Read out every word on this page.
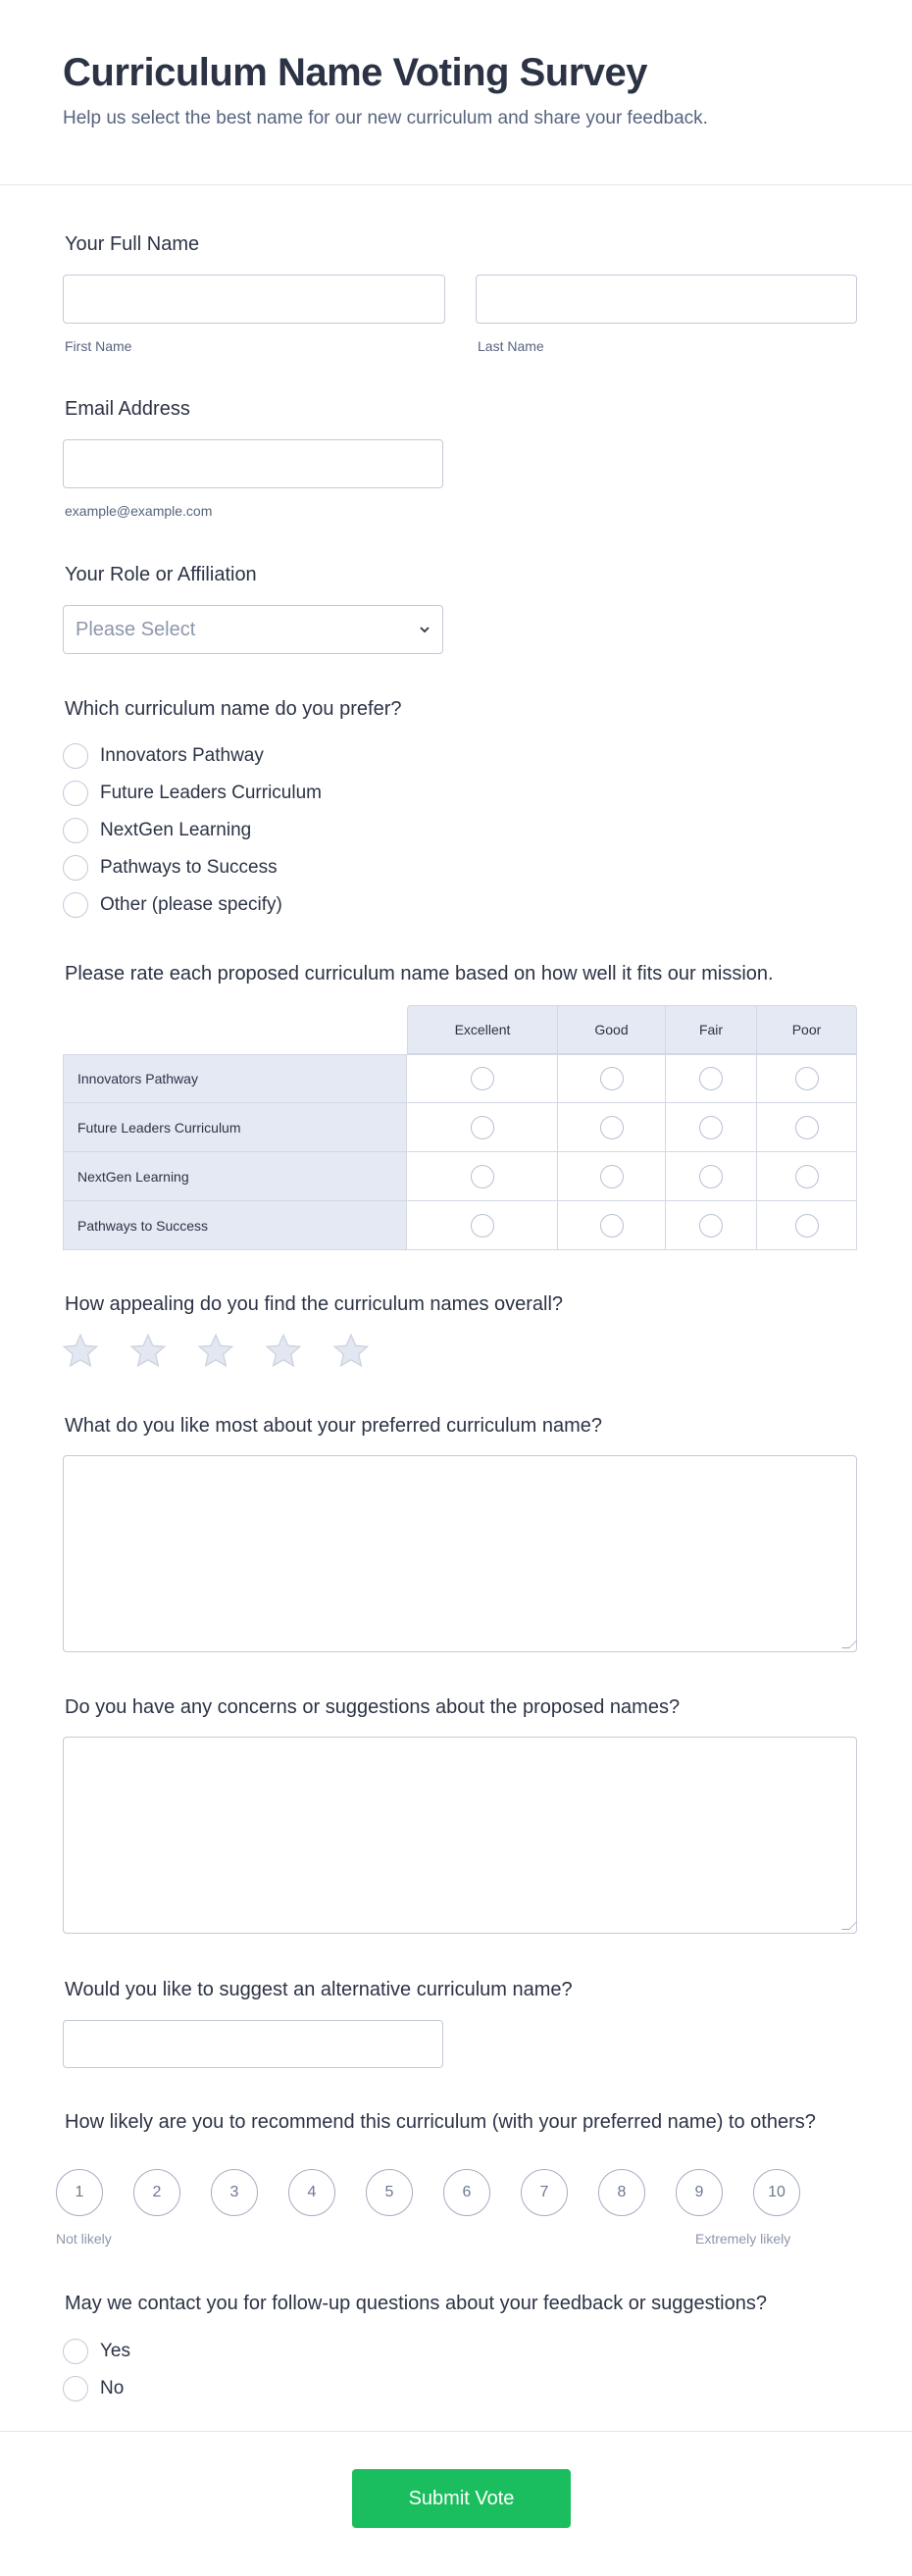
Curriculum Name Voting Survey
Help us select the best name for our new curriculum and share your feedback.
Your Full Name
First Name	Last Name
Email Address
example@example.com
Your Role or Affiliation
Please Select
Which curriculum name do you prefer?
Innovators Pathway
Future Leaders Curriculum
NextGen Learning
Pathways to Success
Other (please specify)
Please rate each proposed curriculum name based on how well it fits our mission.
	Excellent	Good	Fair	Poor
Innovators Pathway				
Future Leaders Curriculum				
NextGen Learning				
Pathways to Success				
How appealing do you find the curriculum names overall?
What do you like most about your preferred curriculum name?
Do you have any concerns or suggestions about the proposed names?
Would you like to suggest an alternative curriculum name?
How likely are you to recommend this curriculum (with your preferred name) to others?
1	2	3	4	5	6	7	8	9	10
Not likely	Extremely likely
May we contact you for follow-up questions about your feedback or suggestions?
Yes
No
Submit Vote
